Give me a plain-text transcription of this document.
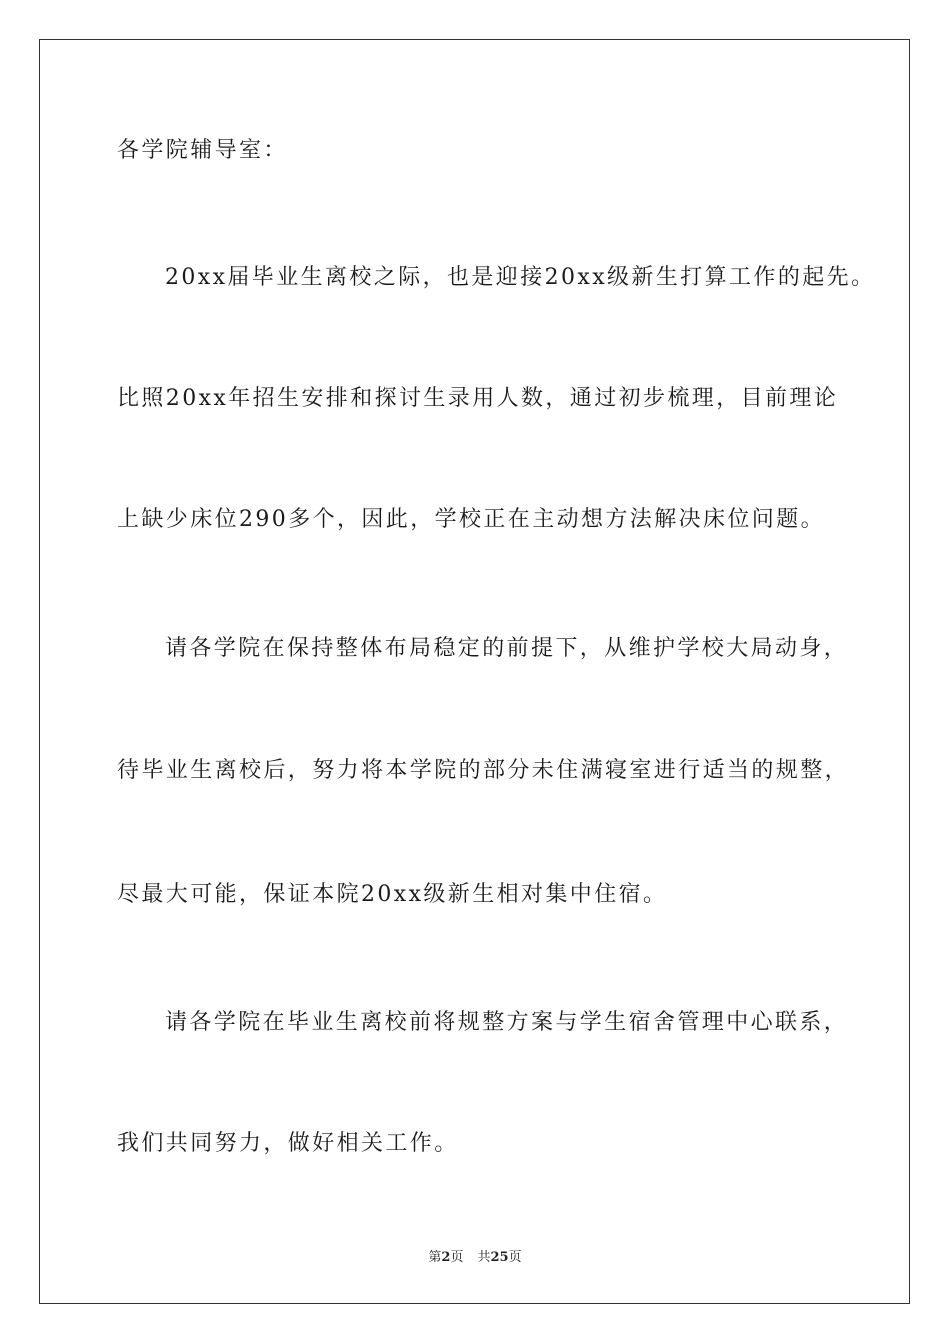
各学院辅导室：
20xx届毕业生离校之际，也是迎接20xx级新生打算工作的起先。
比照20xx年招生安排和探讨生录用人数，通过初步梳理，目前理论
上缺少床位290多个，因此，学校正在主动想方法解决床位问题。
请各学院在保持整体布局稳定的前提下，从维护学校大局动身，
待毕业生离校后，努力将本学院的部分未住满寝室进行适当的规整，
尽最大可能，保证本院20xx级新生相对集中住宿。
请各学院在毕业生离校前将规整方案与学生宿舍管理中心联系，
我们共同努力，做好相关工作。
第2页 共25页
